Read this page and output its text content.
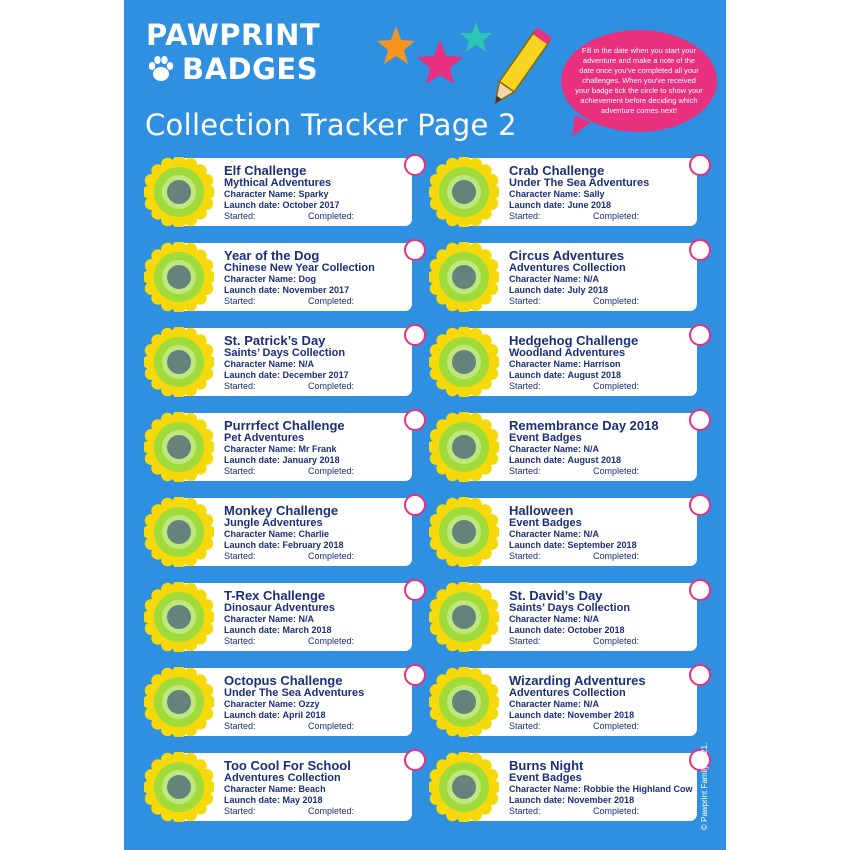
PAWPRINT
BADGES
Collection Tracker Page 2
Fill in the date when you start your adventure and make a note of the date once you've completed all your challenges. When you've received your badge tick the circle to show your achievement before deciding which adventure comes next!
Elf Challenge
Mythical Adventures
Character Name: Sparky
Launch date: October 2017
Started:	Completed:
Crab Challenge
Under The Sea Adventures
Character Name: Sally
Launch date: June 2018
Started:	Completed:
Year of the Dog
Chinese New Year Collection
Character Name: Dog
Launch date: November 2017
Started:	Completed:
Circus Adventures
Adventures Collection
Character Name: N/A
Launch date: July 2018
Started:	Completed:
St. Patrick’s Day
Saints’ Days Collection
Character Name: N/A
Launch date: December 2017
Started:	Completed:
Hedgehog Challenge
Woodland Adventures
Character Name: Harrison
Launch date: August 2018
Started:	Completed:
Purrrfect Challenge
Pet Adventures
Character Name: Mr Frank
Launch date: January 2018
Started:	Completed:
Remembrance Day 2018
Event Badges
Character Name: N/A
Launch date: August 2018
Started:	Completed:
Monkey Challenge
Jungle Adventures
Character Name: Charlie
Launch date: February 2018
Started:	Completed:
Halloween
Event Badges
Character Name: N/A
Launch date: September 2018
Started:	Completed:
T-Rex Challenge
Dinosaur Adventures
Character Name: N/A
Launch date: March 2018
Started:	Completed:
St. David’s Day
Saints’ Days Collection
Character Name: N/A
Launch date: October 2018
Started:	Completed:
Octopus Challenge
Under The Sea Adventures
Character Name: Ozzy
Launch date: April 2018
Started:	Completed:
Wizarding Adventures
Adventures Collection
Character Name: N/A
Launch date: November 2018
Started:	Completed:
Too Cool For School
Adventures Collection
Character Name: Beach
Launch date: May 2018
Started:	Completed:
Burns Night
Event Badges
Character Name: Robbie the Highland Cow
Launch date: November 2018
Started:	Completed:	© Pawprint Family 2021.
